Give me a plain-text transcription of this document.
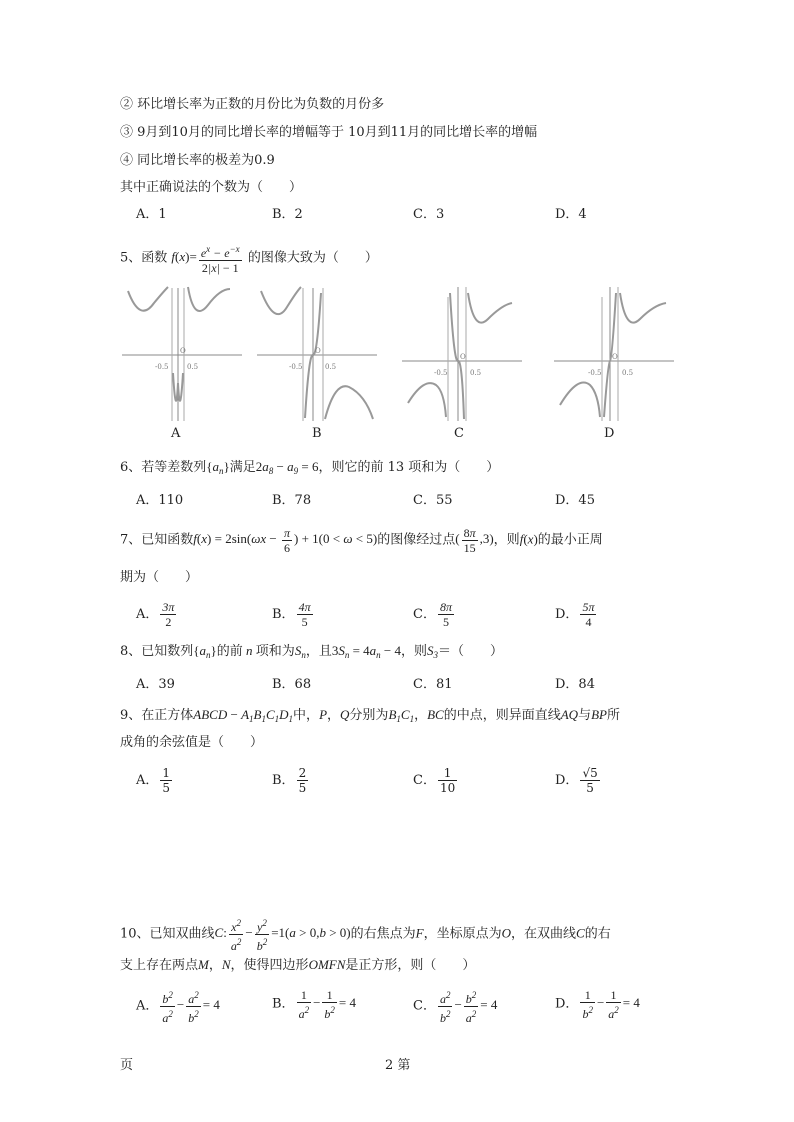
② 环比增长率为正数的月份比为负数的月份多
③ 9月到10月的同比增长率的增幅等于 10月到11月的同比增长率的增幅
④ 同比增长率的极差为0.9
其中正确说法的个数为（　　）
A．1	B．2	C．3	D．4
5、函数 $f(x)= \frac{e^x - e^{-x}}{2|x| - 1}$ 的图像大致为（　　）
-0.5	0.5
O
-0.5	0.5
O
-0.5	0.5
O
-0.5	0.5
O
A	B	C	D
6、若等差数列$\{a_n\}$满足$2a_8 - a_9 = 6$，则它的前 13 项和为（　　）
A．110	B．78	C．55	D．45
7、已知函数$f(x) = 2\sin(\omega x - \frac{\pi}{6}$ ) + 1(0 < ω < 5)的图像经过点( $\frac{8\pi}{15} ,3$)，则f(x)的最小正周
期为（　　）
A． $\frac{3\pi}{2}$	B． $\frac{4\pi}{5}$	C． $\frac{8\pi}{5}$	D． $\frac{5\pi}{4}$
8、已知数列$\{a_n\}$的前 n 项和为$S_n$，且$3S_n = 4a_n - 4$，则$S_3=$（　　）
A．39	B．68	C．81	D．84
9、在正方体ABCD − $A_1B_1C_1D_1$中，P，Q分别为$B_1C_1$，BC的中点，则异面直线AQ与BP所
成角的余弦值是（　　）
A． $\frac{1}{5}$	B． $\frac{2}{5}$	C． $\frac{1}{10}$	D． $\frac{√5}{5}$
10、已知双曲线C: $\frac{x^2}{a^2} - \frac{y^2}{b^2} =1(a > 0,b > 0)$的右焦点为F，坐标原点为O，在双曲线C的右
支上存在两点M，N，使得四边形OMFN是正方形，则（　　）
A． $\frac{b^2}{a^2} - \frac{a^2}{b^2} = 4$	B． $\frac{1}{a^2} - \frac{1}{b^2} = 4$	C． $\frac{a^2}{b^2} - \frac{b^2}{a^2} = 4$	D． $\frac{1}{b^2} - \frac{1}{a^2} = 4$
页	2 第
